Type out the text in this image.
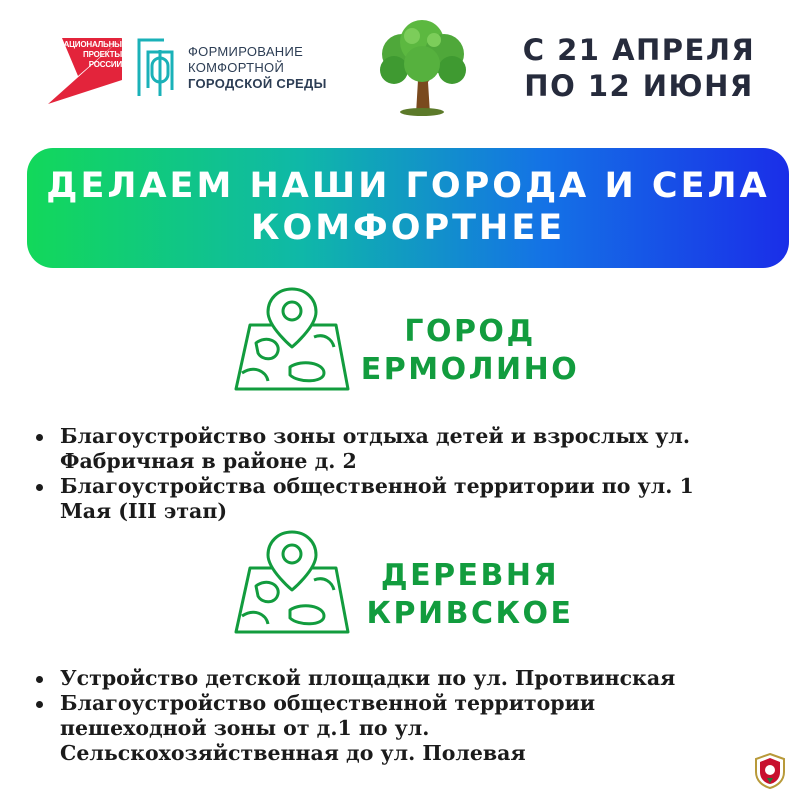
НАЦИОНАЛЬНЫЕ
ПРОЕКТЫ
РОССИИ
ФОРМИРОВАНИЕ
КОМФОРТНОЙ
ГОРОДСКОЙ СРЕДЫ
С 21 АПРЕЛЯ
ПО 12 ИЮНЯ
ДЕЛАЕМ НАШИ ГОРОДА И СЕЛА
КОМФОРТНЕЕ
ГОРОД
ЕРМОЛИНО
Благоустройство зоны отдыха детей и взрослых ул.
Фабричная в районе д. 2
Благоустройства общественной территории по ул. 1
Мая (III этап)
ДЕРЕВНЯ
КРИВСКОЕ
Устройство детской площадки по ул. Протвинская
Благоустройство общественной территории
пешеходной зоны от д.1 по ул.
Сельскохозяйственная до ул. Полевая
